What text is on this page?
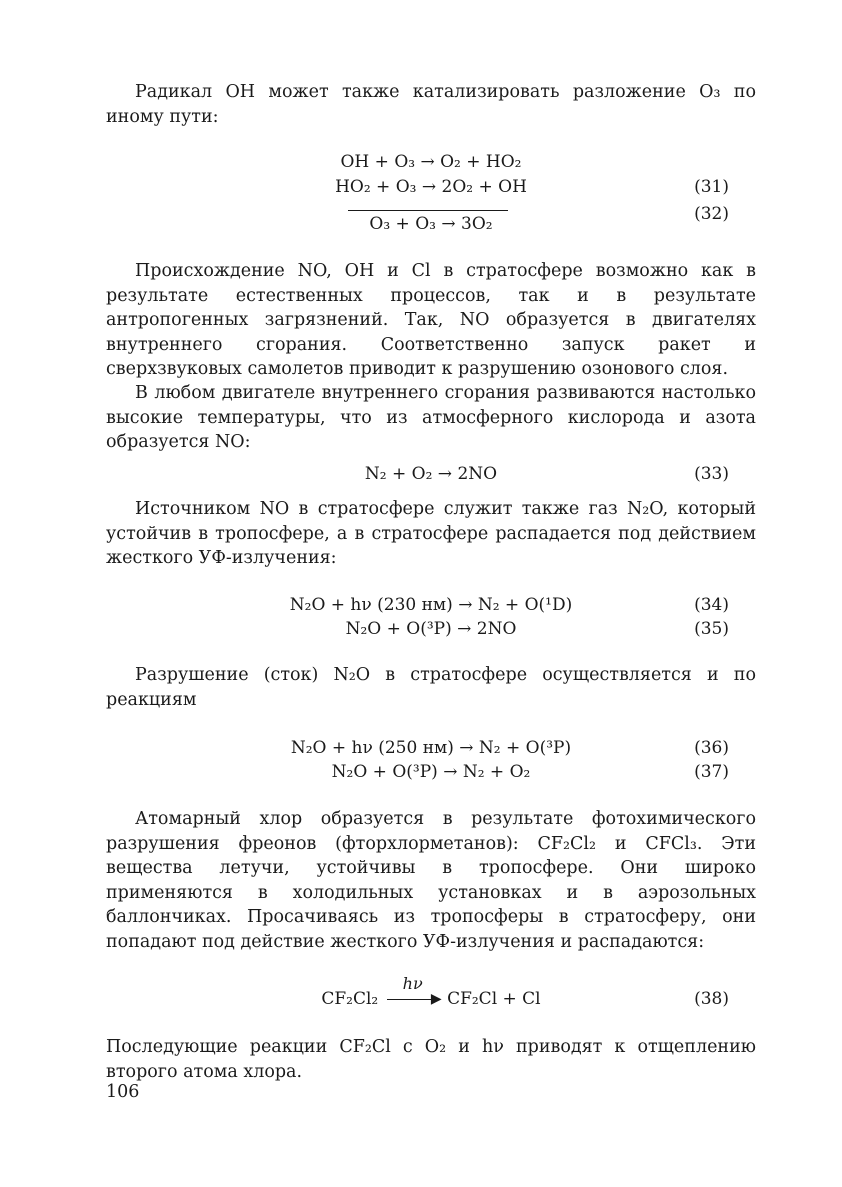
Радикал OH может также катализировать разложение O₃ по иному пути:

OH + O₃ → O₂ + HO₂
HO₂ + O₃ → 2O₂ + OH	(31)
O₃ + O₃ → 3O₂	(32)

Происхождение NO, OH и Cl в стратосфере возможно как в результате естественных процессов, так и в результате антропогенных загрязнений. Так, NO образуется в двигателях внутреннего сгорания. Соответственно запуск ракет и сверхзвуковых самолетов приводит к разрушению озонового слоя.

В любом двигателе внутреннего сгорания развиваются настолько высокие температуры, что из атмосферного кислорода и азота образуется NO:

N₂ + O₂ → 2NO	(33)

Источником NO в стратосфере служит также газ N₂O, который устойчив в тропосфере, а в стратосфере распадается под действием жесткого УФ-излучения:

N₂O + hν (230 нм) → N₂ + O(¹D)	(34)
N₂O + O(³P) → 2NO	(35)

Разрушение (сток) N₂O в стратосфере осуществляется и по реакциям

N₂O + hν (250 нм) → N₂ + O(³P)	(36)
N₂O + O(³P) → N₂ + O₂	(37)

Атомарный хлор образуется в результате фотохимического разрушения фреонов (фторхлорметанов): CF₂Cl₂ и CFCl₃. Эти вещества летучи, устойчивы в тропосфере. Они широко применяются в холодильных установках и в аэрозольных баллончиках. Просачиваясь из тропосферы в стратосферу, они попадают под действие жесткого УФ-излучения и распадаются:

CF₂Cl₂
hν
▶ CF₂Cl + Cl	(38)

Последующие реакции CF₂Cl с O₂ и hν приводят к отщеплению второго атома хлора.

106
